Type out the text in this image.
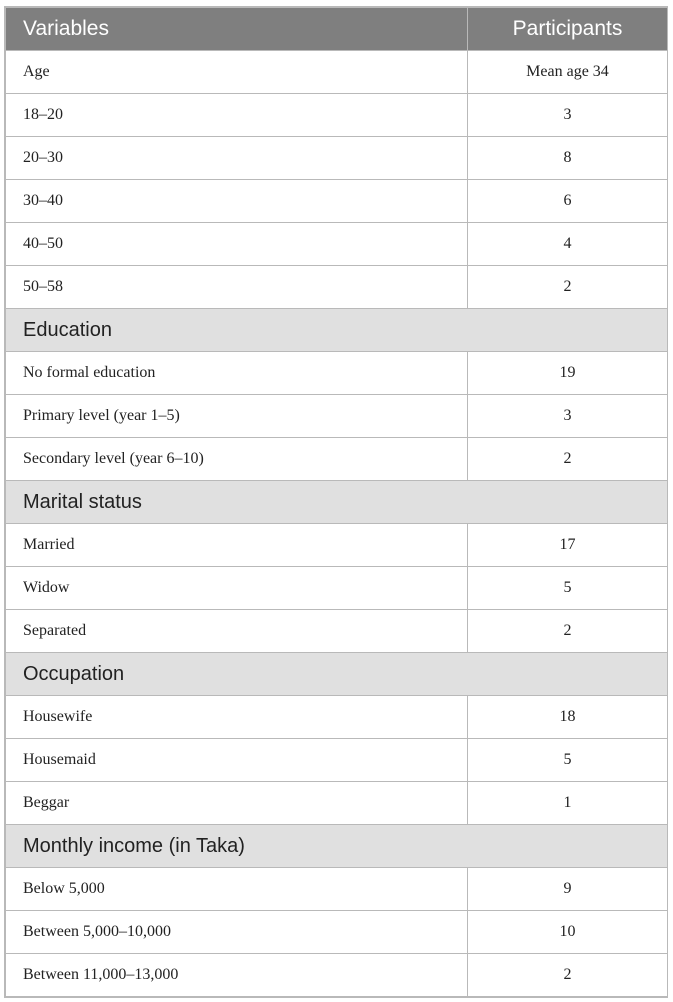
Variables	Participants
Age	Mean age 34
18–20	3
20–30	8
30–40	6
40–50	4
50–58	2
Education	
No formal education	19
Primary level (year 1–5)	3
Secondary level (year 6–10)	2
Marital status	
Married	17
Widow	5
Separated	2
Occupation	
Housewife	18
Housemaid	5
Beggar	1
Monthly income (in Taka)	
Below 5,000	9
Between 5,000–10,000	10
Between 11,000–13,000	2
